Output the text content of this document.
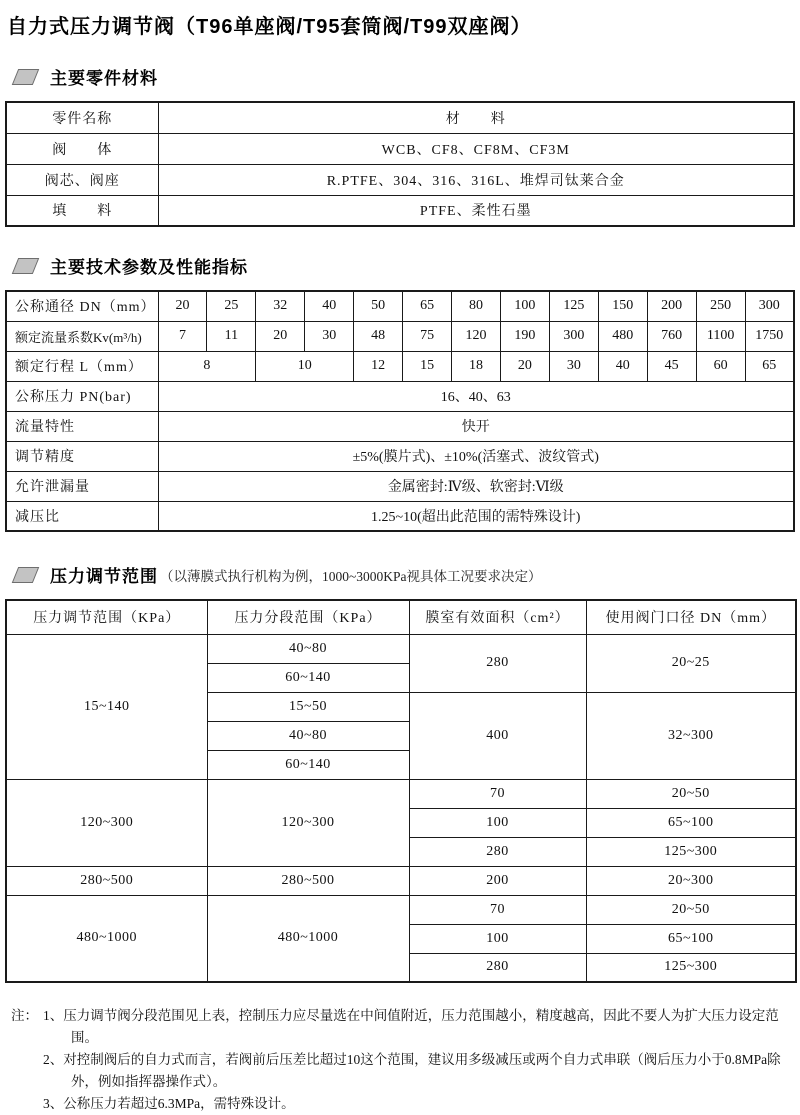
自力式压力调节阀（T96单座阀/T95套筒阀/T99双座阀）
主要零件材料
零件名称	材　　料
阀　　体	WCB、CF8、CF8M、CF3M
阀芯、阀座	R.PTFE、304、316、316L、堆焊司钛莱合金
填　　料	PTFE、柔性石墨
主要技术参数及性能指标
公称通径 DN（mm）	20	25	32	40	50	65	80	100	125	150	200	250	300
额定流量系数Kv(m³/h)	7	11	20	30	48	75	120	190	300	480	760	1100	1750
额定行程 L（mm）	8		10		12	15	18	20	30	40	45	60	65
公称压力 PN(bar)	16、40、63												
流量特性	快开												
调节精度	±5%(膜片式)、±10%(活塞式、波纹管式)												
允许泄漏量	金属密封:Ⅳ级、软密封:Ⅵ级												
减压比	1.25~10(超出此范围的需特殊设计)												
压力调节范围 （以薄膜式执行机构为例，1000~3000KPa视具体工况要求决定）
压力调节范围（KPa）	压力分段范围（KPa）	膜室有效面积（cm²）	使用阀门口径 DN（mm）
15~140	40~80	280	20~25
	60~140		
	15~50	400	32~300
	40~80		
	60~140		
120~300	120~300	70	20~50
		100	65~100
		280	125~300
280~500	280~500	200	20~300
480~1000	480~1000	70	20~50
		100	65~100
		280	125~300
注： 1、压力调节阀分段范围见上表，控制压力应尽量选在中间值附近，压力范围越小，精度越高，因此不要人为扩大压力设定范围。
2、对控制阀后的自力式而言，若阀前后压差比超过10这个范围，建议用多级减压或两个自力式串联（阀后压力小于0.8MPa除外，例如指挥器操作式）。
3、公称压力若超过6.3MPa，需特殊设计。
